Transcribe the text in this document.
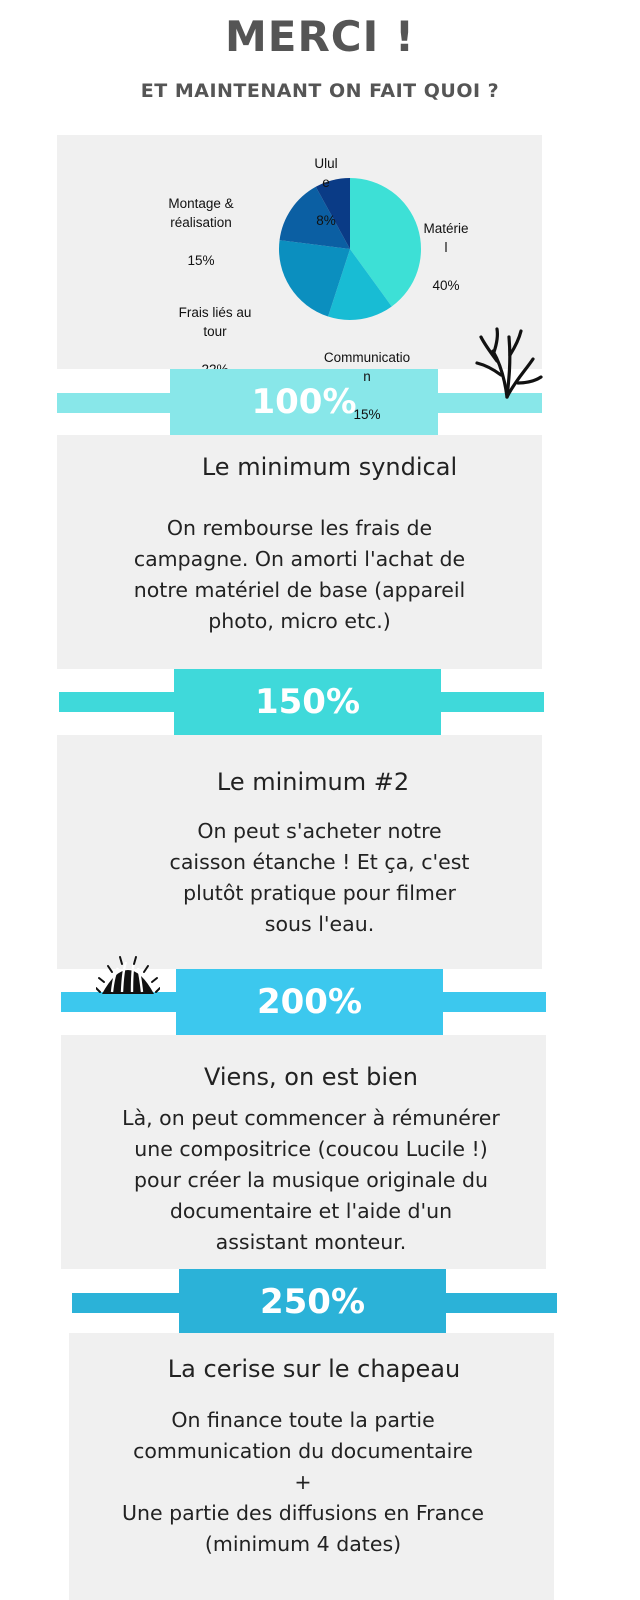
MERCI !
ET MAINTENANT ON FAIT QUOI ?

Ulul
e

8%

Montage &
réalisation

15%

Matérie
l

40%

Frais liés au
tour

Communicatio
n

15%

100%
Le minimum syndical
On rembourse les frais de
campagne. On amorti l'achat de
notre matériel de base (appareil
photo, micro etc.)
150%
Le minimum #2
On peut s'acheter notre
caisson étanche ! Et ça, c'est
plutôt pratique pour filmer
sous l'eau.
200%
Viens, on est bien
Là, on peut commencer à rémunérer
une compositrice (coucou Lucile !)
pour créer la musique originale du
documentaire et l'aide d'un
assistant monteur.
250%
La cerise sur le chapeau
On finance toute la partie
communication du documentaire
+
Une partie des diffusions en France
(minimum 4 dates)
